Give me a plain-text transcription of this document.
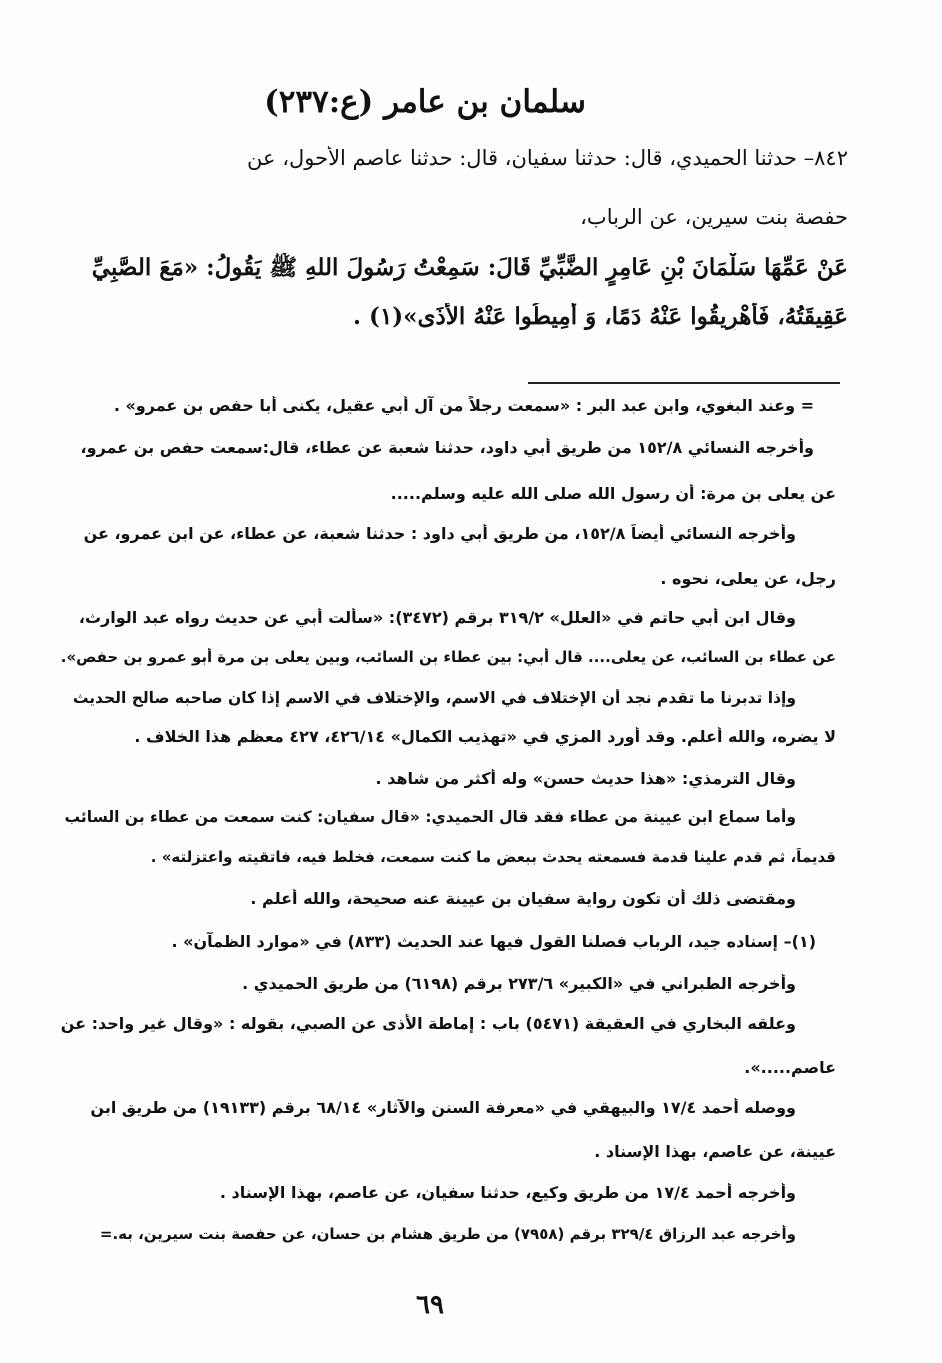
سلمان بن عامر (ع:٢٣٧)
٨٤٢– حدثنا الحميدي، قال: حدثنا سفيان، قال: حدثنا عاصم الأحول، عن
حفصة بنت سيرين، عن الرباب،
عَنْ عَمِّهَا سَلْمَانَ بْنِ عَامِرٍ الضَّبِّيِّ قَالَ: سَمِعْتُ رَسُولَ اللهِ ﷺ يَقُولُ: «مَعَ الصَّبِيِّ
عَقِيقَتُهُ، فَأَهْرِيقُوا عَنْهُ دَمًا، وَ أَمِيطُوا عَنْهُ الأَذَى»(١) .
= وعند البغوي، وابن عبد البر : «سمعت رجلاً من آل أبي عقيل، يكنى أبا حفص بن عمرو» .
وأخرجه النسائي ١٥٢/٨ من طريق أبي داود، حدثنا شعبة عن عطاء، قال:سمعت حفص بن عمرو،
عن يعلى بن مرة: أن رسول الله صلى الله عليه وسلم.....
وأخرجه النسائي أيضاً ١٥٢/٨، من طريق أبي داود : حدثنا شعبة، عن عطاء، عن ابن عمرو، عن
رجل، عن يعلى، نحوه .
وقال ابن أبي حاتم في «العلل» ٣١٩/٢ برقم (٣٤٧٢): «سألت أبي عن حديث رواه عبد الوارث،
عن عطاء بن السائب، عن يعلى.... قال أبي: بين عطاء بن السائب، وبين يعلى بن مرة أبو عمرو بن حفص».
وإذا تدبرنا ما تقدم نجد أن الإختلاف في الاسم، والإختلاف في الاسم إذا كان صاحبه صالح الحديث
لا يضره، والله أعلم. وقد أورد المزي في «تهذيب الكمال» ٤٢٦/١٤، ٤٢٧ معظم هذا الخلاف .
وقال الترمذي: «هذا حديث حسن» وله أكثر من شاهد .
وأما سماع ابن عيينة من عطاء فقد قال الحميدي: «قال سفيان: كنت سمعت من عطاء بن السائب
قديماً، ثم قدم علينا قدمة فسمعته يحدث ببعض ما كنت سمعت، فخلط فيه، فاتقيته واعتزلته» .
ومقتضى ذلك أن تكون رواية سفيان بن عيينة عنه صحيحة، والله أعلم .
(١)– إسناده جيد، الرباب فصلنا القول فيها عند الحديث (٨٣٣) في «موارد الظمآن» .
وأخرجه الطبراني في «الكبير» ٢٧٣/٦ برقم (٦١٩٨) من طريق الحميدي .
وعلقه البخاري في العقيقة (٥٤٧١) باب : إماطة الأذى عن الصبي، بقوله : «وقال غير واحد: عن
عاصم.....».
ووصله أحمد ١٧/٤ والبيهقي في «معرفة السنن والآثار» ٦٨/١٤ برقم (١٩١٣٣) من طريق ابن
عيينة، عن عاصم، بهذا الإسناد .
وأخرجه أحمد ١٧/٤ من طريق وكيع، حدثنا سفيان، عن عاصم، بهذا الإسناد .
وأخرجه عبد الرزاق ٣٢٩/٤ برقم (٧٩٥٨) من طريق هشام بن حسان، عن حفصة بنت سيرين، به.=
٦٩
